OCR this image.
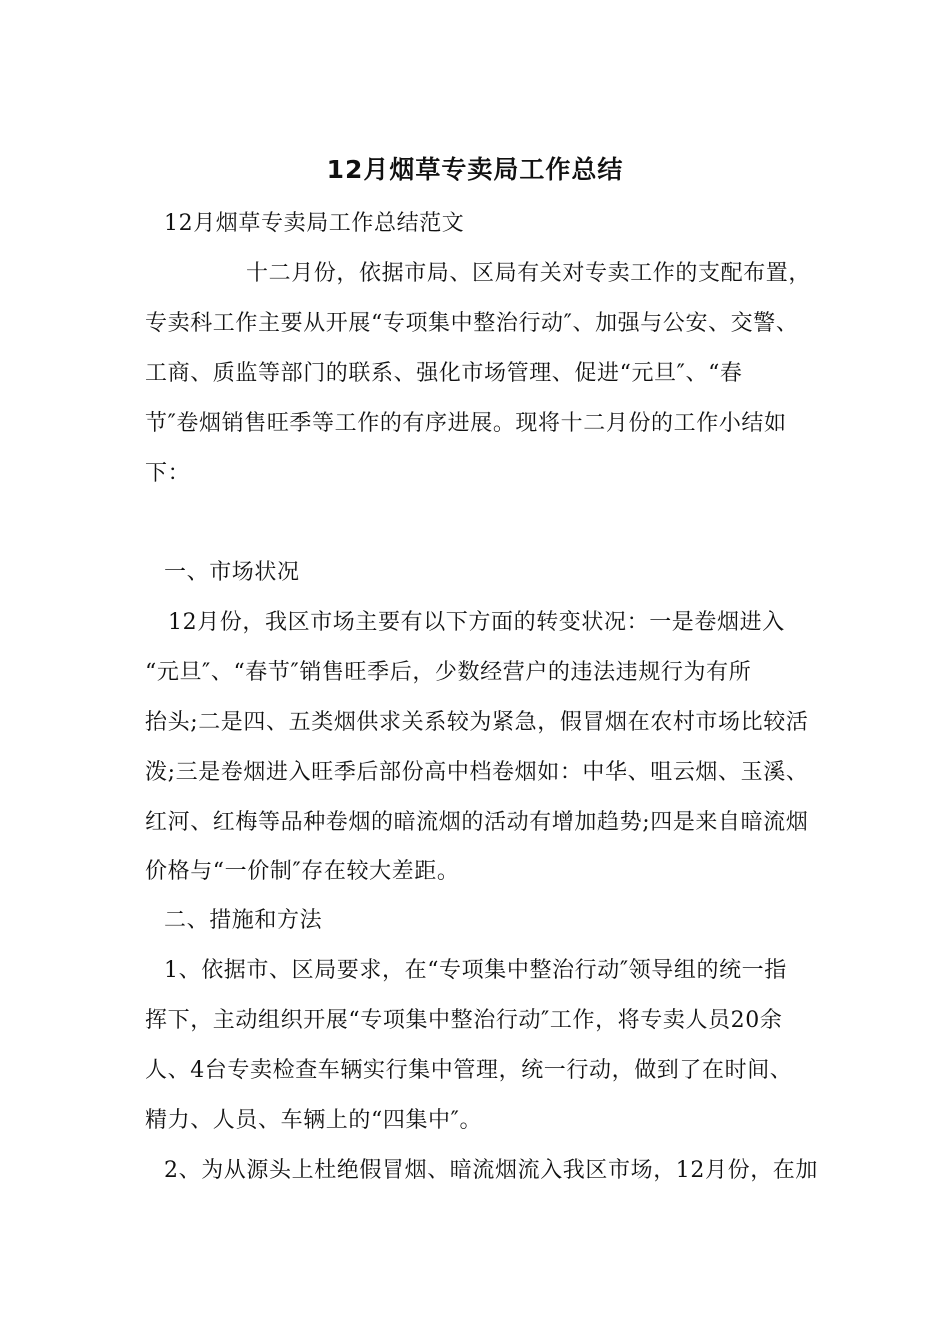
12月烟草专卖局工作总结
12月烟草专卖局工作总结范文
十二月份，依据市局、区局有关对专卖工作的支配布置，
专卖科工作主要从开展“专项集中整治行动″、加强与公安、交警、
工商、质监等部门的联系、强化市场管理、促进“元旦″、“春
节″卷烟销售旺季等工作的有序进展。现将十二月份的工作小结如
下：
一、市场状况
12月份，我区市场主要有以下方面的转变状况：一是卷烟进入
“元旦″、“春节″销售旺季后，少数经营户的违法违规行为有所
抬头;二是四、五类烟供求关系较为紧急，假冒烟在农村市场比较活
泼;三是卷烟进入旺季后部份高中档卷烟如：中华、咀云烟、玉溪、
红河、红梅等品种卷烟的暗流烟的活动有增加趋势;四是来自暗流烟
价格与“一价制″存在较大差距。
二、措施和方法
1、依据市、区局要求，在“专项集中整治行动″领导组的统一指
挥下，主动组织开展“专项集中整治行动″工作，将专卖人员20余
人、4台专卖检查车辆实行集中管理，统一行动，做到了在时间、
精力、人员、车辆上的“四集中″。
2、为从源头上杜绝假冒烟、暗流烟流入我区市场，12月份，在加
